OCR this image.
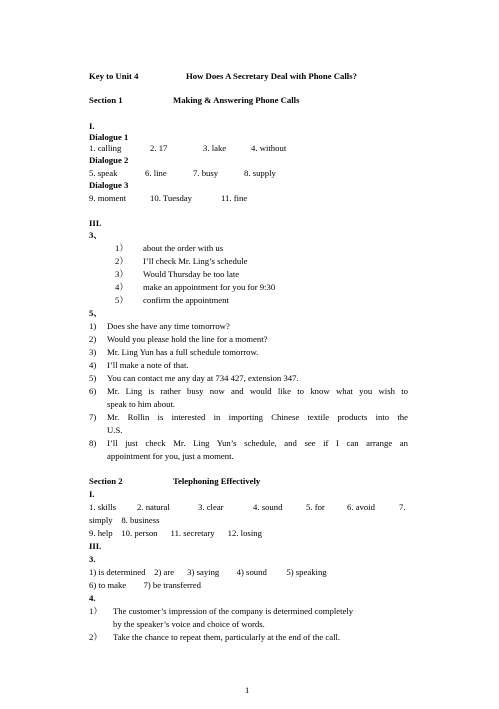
Key to Unit 4	How Does A Secretary Deal with Phone Calls?
Section 1	Making & Answering Phone Calls
I.
Dialogue 1
1. calling	2. 17	3. lake	4. without
Dialogue 2
5. speak	6. line	7. busy	8. supply
Dialogue 3
9. moment	10. Tuesday	11. fine
III.
3、
1） about the order with us
2） I’ll check Mr. Ling’s schedule
3） Would Thursday be too late
4） make an appointment for you for 9:30
5） confirm the appointment
5、
1) Does she have any time tomorrow?
2) Would you please hold the line for a moment?
3) Mr. Ling Yun has a full schedule tomorrow.
4) I’ll make a note of that.
5) You can contact me any day at 734 427, extension 347.
6) Mr. Ling is rather busy now and would like to know what you wish to
speak to him about.
7) Mr. Rollin is interested in importing Chinese textile products into the
U.S.
8) I’ll just check Mr. Ling Yun’s schedule, and see if I can arrange an
appointment for you, just a moment.
Section 2	Telephoning Effectively
I.
1. skills 2. natural	3. clear	4. sound	5. for	6. avoid	7.
simply    8. business
9. help    10. person      11. secretary      12. losing
III.
3.
1) is determined    2) are      3) saying        4) sound         5) speaking
6) to make        7) be transferred
4.
1） The customer’s impression of the company is determined completely
by the speaker’s voice and choice of words.
2） Take the chance to repeat them, particularly at the end of the call.
1
